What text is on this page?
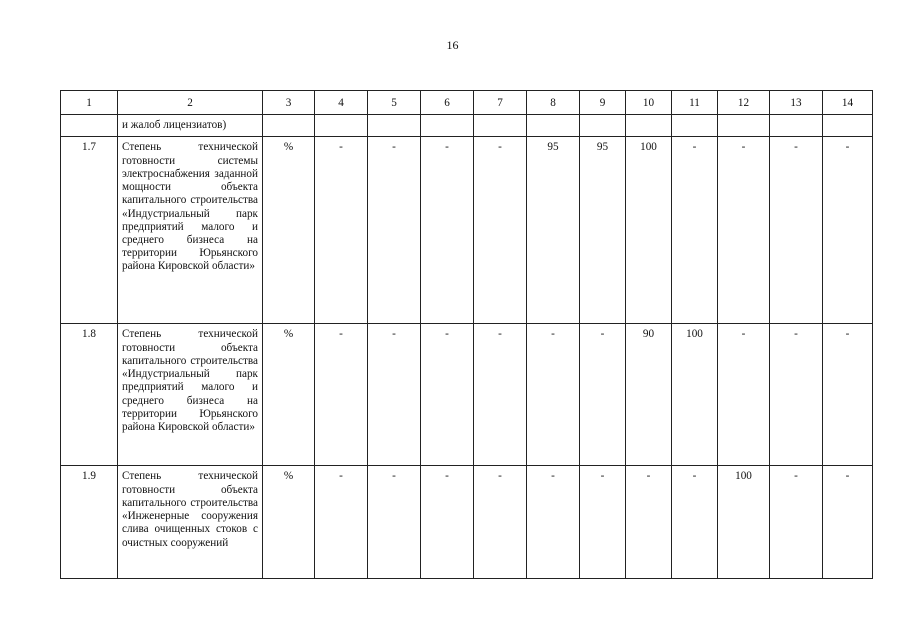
16
1	2	3	4	5	6	7	8	9	10	11	12	13	14
	и жалоб лицензиатов)												
1.7	Степень технической готовности системы электроснабжения заданной мощности объекта капитального строительства «Индустриальный парк предприятий малого и среднего бизнеса на территории Юрьянского района Кировской области»	%	-	-	-	-	95	95	100	-	-	-	-
1.8	Степень технической готовности объекта капитального строительства «Индустриальный парк предприятий малого и среднего бизнеса на территории Юрьянского района Кировской области»	%	-	-	-	-	-	-	90	100	-	-	-
1.9	Степень технической готовности объекта капитального строительства «Инженерные сооружения слива очищенных стоков с очистных сооружений	%	-	-	-	-	-	-	-	-	100	-	-
